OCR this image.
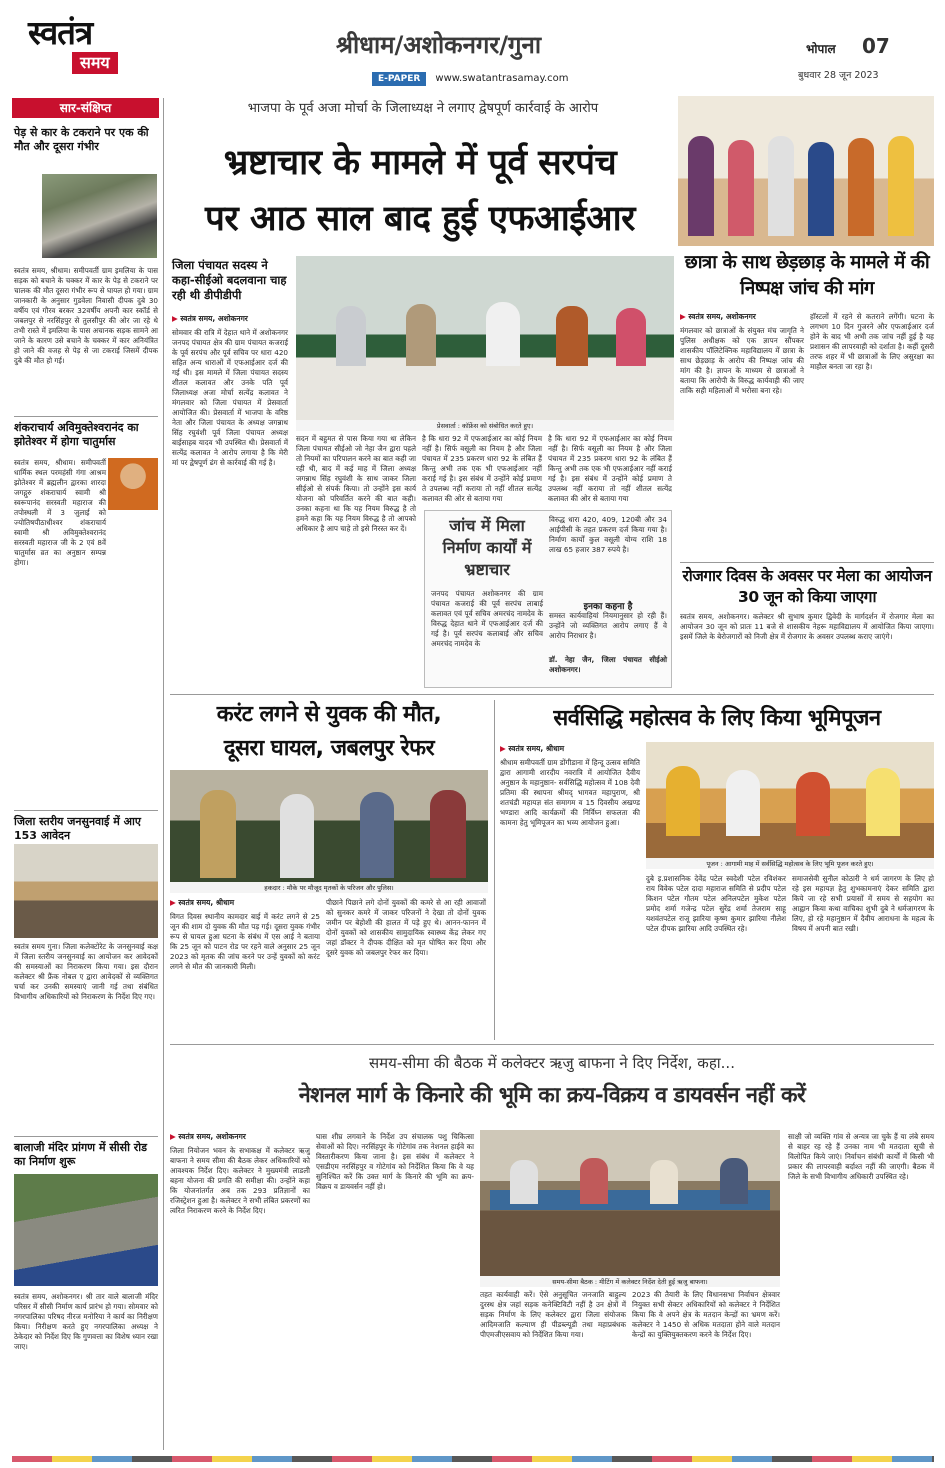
स्वतंत्र
समय
श्रीधाम/अशोकनगर/गुना
E-PAPER www.swatantrasamay.com
भोपाल 07
बुधवार 28 जून 2023
सार-संक्षिप्त
पेड़ से कार के टकराने पर एक की मौत और दूसरा गंभीर
स्वतंत्र समय, श्रीधाम। समीपवर्ती ग्राम इमलिया के पास सड़क को बचाने के चक्कर में कार के पेड़ से टकराने पर चालक की मौत दूसरा गंभीर रूप से घायल हो गया। ग्राम जानकारी के अनुसार गुडवेला निवासी दीपक दुबे 30 वर्षीय एवं गौरव बरकर 32वर्षीय अपनी कार स्कॉर्ड से जबलपुर से नरसिंहपुर से तुलसीपुर की ओर जा रहे थे तभी रास्ते में इमलिया के पास अचानक सड़क सामने आ जाने के कारण उसे बचाने के चक्कर में कार अनियंत्रित हो जाने की वजह से पेड़ से जा टकराई जिसमें दीपक दुबे की मौत हो गई।
शंकराचार्य अविमुक्तेश्वरानंद का झोतेश्वर में होगा चातुर्मास
स्वतंत्र समय, श्रीधाम। समीपवर्ती धार्मिक स्थल परमहंसी गंगा आश्रम झोतेश्वर में ब्रह्मलीन द्वारका शारदा जगद्गुरु शंकराचार्य स्वामी श्री स्वरूपानंद सरस्वती महाराज की तपोस्थली में 3 जुलाई को ज्योतिषपीठाधीश्वर शंकराचार्य स्वामी श्री अविमुक्तेश्वरानंद सरस्वती महाराज जी के 2 एवं 8वें चातुर्मास व्रत का अनुष्ठान सम्पन्न होगा।
जिला स्तरीय जनसुनवाई में आए 153 आवेदन
स्वतंत्र समय गुना। जिला कलेक्टोरेट के जनसुनवाई कक्ष में जिला स्तरीय जनसुनवाई का आयोजन कर आवेदकों की समस्याओं का निराकरण किया गया। इस दौरान कलेक्टर श्री फ्रैंक नोबल ए द्वारा आवेदकों से व्यक्तिगत चर्चा कर उनकी समस्याएं जानी गई तथा संबंधित विभागीय अधिकारियों को निराकरण के निर्देश दिए गए।
बालाजी मंदिर प्रांगण में सीसी रोड का निर्माण शुरू
स्वतंत्र समय, अशोकनगर। श्री तार वाले बालाजी मंदिर परिसर में सीसी निर्माण कार्य प्रारंभ हो गया। सोमवार को नगरपालिका परिषद नीरज मनोरिया ने कार्य का निरीक्षण किया। निरीक्षण करते हुए नगरपालिका अध्यक्ष ने ठेकेदार को निर्देश दिए कि गुणवत्ता का विशेष ध्यान रखा जाए।
भाजपा के पूर्व अजा मोर्चा के जिलाध्यक्ष ने लगाए द्वेषपूर्ण कार्रवाई के आरोप
भ्रष्टाचार के मामले में पूर्व सरपंच
पर आठ साल बाद हुई एफआईआर
जिला पंचायत सदस्य ने कहा-सीईओ बदलवाना चाह रही थी डीपीडीपी
▶ स्वतंत्र समय, अशोकनगर
सोमवार की रात्रि में देहात थाने में अशोकनगर जनपद पंचायत क्षेत्र की ग्राम पंचायत कजराई के पूर्व सरपंच और पूर्व सचिव पर धारा 420 सहित अन्य धाराओं में एफआईआर दर्ज की गई थी। इस मामले में जिला पंचायत सदस्य शीतल कलावत और उनके पति पूर्व जिलाध्यक्ष अजा मोर्चा सत्येंद्र कलावत ने मंगलवार को जिला पंचायत में प्रेसवार्ता आयोजित की। प्रेसवार्ता में भाजपा के वरिष्ठ नेता और जिला पंचायत के अध्यक्ष जगन्नाथ सिंह रघुवंशी पूर्व जिला पंचायत अध्यक्ष बाईसाहब यादव भी उपस्थित थी। प्रेसवार्ता में सत्येंद्र कलावत ने आरोप लगाया है कि मेरी मां पर द्वेषपूर्ण ढंग से कार्रवाई की गई है।
प्रेसवार्ता : कॉफ्रेंस को संबोधित करते हुए।
सदन में बहुमत से पास किया गया था लेकिन जिला पंचायत सीईओ जो नेहा जैन द्वारा पहले तो नियमों का परिपालन करने का बात कही जा रही थी, बाद में कई माह में जिला अध्यक्ष जगन्नाथ सिंह रघुवंशी के साथ जाकर जिला सीईओ से संपर्क किया। तो उन्होंने इस कार्य योजना को परिवर्तित करने की बात कही। उनका कहना था कि यह नियम विरुद्ध है तो हमने कहा कि यह नियम विरुद्ध है तो आपको अधिकार है आप चाहे तो इसे निरस्त कर दें।
है कि धारा 92 में एफआईआर का कोई नियम नहीं है। सिर्फ वसूली का नियम है और जिला पंचायत में 235 प्रकरण धारा 92 के लंबित हैं किन्तु अभी तक एक भी एफआईआर नहीं कराई गई है। इस संबंध में उन्होंने कोई प्रमाण ते उपलब्ध नहीं कराया तो नहीं शीतल सत्येंद्र कलावत की ओर से बताया गया
है कि धारा 92 में एफआईआर का कोई नियम नहीं है। सिर्फ वसूली का नियम है और जिला पंचायत में 235 प्रकरण धारा 92 के लंबित हैं किन्तु अभी तक एक भी एफआईआर नहीं कराई गई है। इस संबंध में उन्होंने कोई प्रमाण ते उपलब्ध नहीं कराया तो नहीं शीतल सत्येंद्र कलावत की ओर से बताया गया
जांच में मिला निर्माण कार्यों में भ्रष्टाचार
जनपद पंचायत अशोकनगर की ग्राम पंचायत कजराई की पूर्व सरपंच लाबाई कलावत एवं पूर्व सचिव अमरचंद नामदेव के विरुद्ध देहात थाने में एफआईआर दर्ज की गई है। पूर्व सरपंच कलाबाई और सचिव अमरचंद नामदेव के
विरुद्ध धारा 420, 409, 120बी और 34 आईपीसी के तहत प्रकरण दर्ज किया गया है। निर्माण कार्यों कुल वसूली योग्य राशि 18 लाख 65 हजार 387 रुपये है।
इनका कहना है
समस्त कार्यवाहियां नियमानुसार हो रही हैं। उन्होंने जो व्यक्तिगत आरोप लगाए हैं वे आरोप निराधार है।
डॉ. नेहा जैन, जिला पंचायत सीईओ अशोकनगर।
छात्रा के साथ छेड़छाड़ के मामले में की निष्पक्ष जांच की मांग
▶ स्वतंत्र समय, अशोकनगर
मंगलवार को छात्राओं के संयुक्त मंच जागृति ने पुलिस अधीक्षक को एक ज्ञापन सौंपकर शासकीय पॉलिटेक्निक महाविद्यालय में छात्रा के साथ छेड़छाड़ के आरोप की निष्पक्ष जांच की मांग की है। ज्ञापन के माध्यम से छात्राओं ने बताया कि आरोपी के विरुद्ध कार्यवाही की जाए ताकि सही महिलाओं में भरोसा बना रहे।
हॉस्टलों में रहने से कतराने लगेंगी। घटना के लगभग 10 दिन गुजरने और एफआईआर दर्ज होने के बाद भी अभी तक जांच नहीं हुई है यह प्रशासन की लापरवाही को दर्शाता है। कहीं दूसरी तरफ शहर में भी छात्राओं के लिए असुरक्षा का माहौल बनता जा रहा है।
रोजगार दिवस के अवसर पर मेला का आयोजन 30 जून को किया जाएगा
स्वतंत्र समय, अशोकनगर। कलेक्टर श्री सुभाष कुमार द्विवेदी के मार्गदर्शन में रोजगार मेला का आयोजन 30 जून को प्रातः 11 बजे से शासकीय नेहरू महाविद्यालय में आयोजित किया जाएगा। इसमें जिले के बेरोजगारों को निजी क्षेत्र में रोजगार के अवसर उपलब्ध कराए जाएंगे।
करंट लगने से युवक की मौत,
दूसरा घायल, जबलपुर रेफर
हकदार : मौके पर मौजूद मृतकों के परिजन और पुलिस।
▶ स्वतंत्र समय, श्रीधाम
विगत दिवस स्थानीय कामदार बाई में करंट लगने से 25 जून की शाम दो युवक की मौत पड़ गई। दूसरा युवक गंभीर रूप से घायल हुआ घटना के संबंध में एस आई ने बताया कि 25 जून को पाटन रोड पर रहने वाले अनुसार 25 जून 2023 को मृतक की जांच करने पर उन्हें युवकों को करंट लगने से मौत की जानकारी मिली।
पीछाने पिछाने लगे दोनों युवकों की कमरे से आ रही आवाजों को सुनकर कमरे में जाकर परिजनों ने देखा तो दोनों युवक जमीन पर बेहोशी की हालत में पड़े हुए थे। आनन-फानन में दोनों युवकों को शासकीय सामुदायिक स्वास्थ्य केंद्र लेकर गए जहां डॉक्टर ने दीपक दीक्षित को मृत घोषित कर दिया और दूसरे युवक को जबलपुर रेफर कर दिया।
सर्वसिद्धि महोत्सव के लिए किया भूमिपूजन
▶ स्वतंत्र समय, श्रीधाम
श्रीधाम समीपवर्ती ग्राम डोंगीडाना में हिन्दू उत्सव समिति द्वारा आगामी शारदीय नवरात्रि में आयोजित दैवीय अनुष्ठान के महानुष्ठान- सर्वसिद्धि महोत्सव में 108 देवी प्रतिमा की स्थापना श्रीमद् भागवत महापुराण, श्री शतचंडी महायज्ञ संत समागम व 15 दिवसीय अखण्ड भण्डारा आदि कार्यक्रमों की निर्विघ्न सफलता की कामना हेतु भूमिपूजन का भव्य आयोजन हुआ।
पूजन : आगामी माह में सर्वसिद्धि महोत्सव के लिए भूमि पूजन करते हुए।
दुबे इ.प्रशासनिक देवेंद्र पटेल स्वदेशी पटेल रविशंकर राय विवेक पटेल दादा महाराज समिति से प्रदीप पटेल किशन पटेल गौतम पटेल अनिलपटेल मुकेश पटेल प्रमोद शर्मा गजेन्द्र पटेल सुरेंद्र शर्मा तेजराम साहू यशवंतपटेल राजू झारिया कृष्ण कुमार झारिया नीलेश पटेल दीपक झारिया आदि उपस्थित रहे।
समाजसेवी सुनील कोठारी ने धर्म जागरण के लिए हो रहे इस महायज्ञ हेतु शुभकामनाएं देकर समिति द्वारा किये जा रहे सभी प्रयासों में समय से सहयोग का आह्वान किया कथा वाचिका शुभी दुबे ने धर्मजागरण के लिए, हो रहे महानुष्ठान में दैवीय आराधना के महत्व के विषय में अपनी बात रखी।
समय-सीमा की बैठक में कलेक्टर ऋजु बाफना ने दिए निर्देश, कहा...
नेशनल मार्ग के किनारे की भूमि का क्रय-विक्रय व डायवर्सन नहीं करें
▶ स्वतंत्र समय, अशोकनगर
जिला नियोजन भवन के सभाकक्ष में कलेक्टर ऋजु बाफना ने समय सीमा की बैठक लेकर अधिकारियों को आवश्यक निर्देश दिए। कलेक्टर ने मुख्यमंत्री लाडली बहना योजना की प्रगति की समीक्षा की। उन्होंने कहा कि योजनांतर्गत अब तक 293 प्रतिज्ञानों का रजिस्ट्रेशन हुआ है। कलेक्टर ने सभी लंबित प्रकरणों का त्वरित निराकरण करने के निर्देश दिए।
घास शीघ्र लगवाने के निर्देश उप संचालक पशु चिकित्सा सेवाओं को दिए। नरसिंहपुर के गोटेगांव तक नेशनल हाईवे का विस्तारीकरण किया जाना है। इस संबंध में कलेक्टर ने एसडीएम नरसिंहपुर व गोटेगांव को निर्देशित किया कि वे यह सुनिश्चित करें कि उक्त मार्ग के किनारे की भूमि का क्रय-विक्रय व डायवर्सन नहीं हो।
समय-सीमा बैठक : मीटिंग में कलेक्टर निर्देश देती हुई ऋजु बाफना।
तहत कार्यवाही करें। ऐसे अनुसूचित जनजाति बाहुल्य दुरस्थ क्षेत्र जहां सड़क कनेक्टिविटी नहीं है उन क्षेत्रों में सड़क निर्माण के लिए कलेक्टर द्वारा जिला संयोजक आदिमजाति कल्याण ही पीडब्ल्यूडी तथा महाप्रबंधक पीएमजीएसवाय को निर्देशित किया गया।
2023 की तैयारी के लिए विधानसभा निर्वाचन क्षेत्रवार नियुक्त सभी सेक्टर अधिकारियों को कलेक्टर ने निर्देशित किया कि वे अपने क्षेत्र के मतदान केन्द्रों का भ्रमण करें। कलेक्टर ने 1450 से अधिक मतदाता होने वाले मतदान केन्द्रों का युक्तियुक्तकरण करने के निर्देश दिए।
साक्षी जो व्यक्ति गांव से अन्यत्र जा चुके हैं या लंबे समय से बाहर रह रहे हैं उनका नाम भी मतदाता सूची से विलोपित किये जाएं। निर्वाचन संबंधी कार्यों में किसी भी प्रकार की लापरवाही बर्दाश्त नहीं की जाएगी। बैठक में जिले के सभी विभागीय अधिकारी उपस्थित रहे।
